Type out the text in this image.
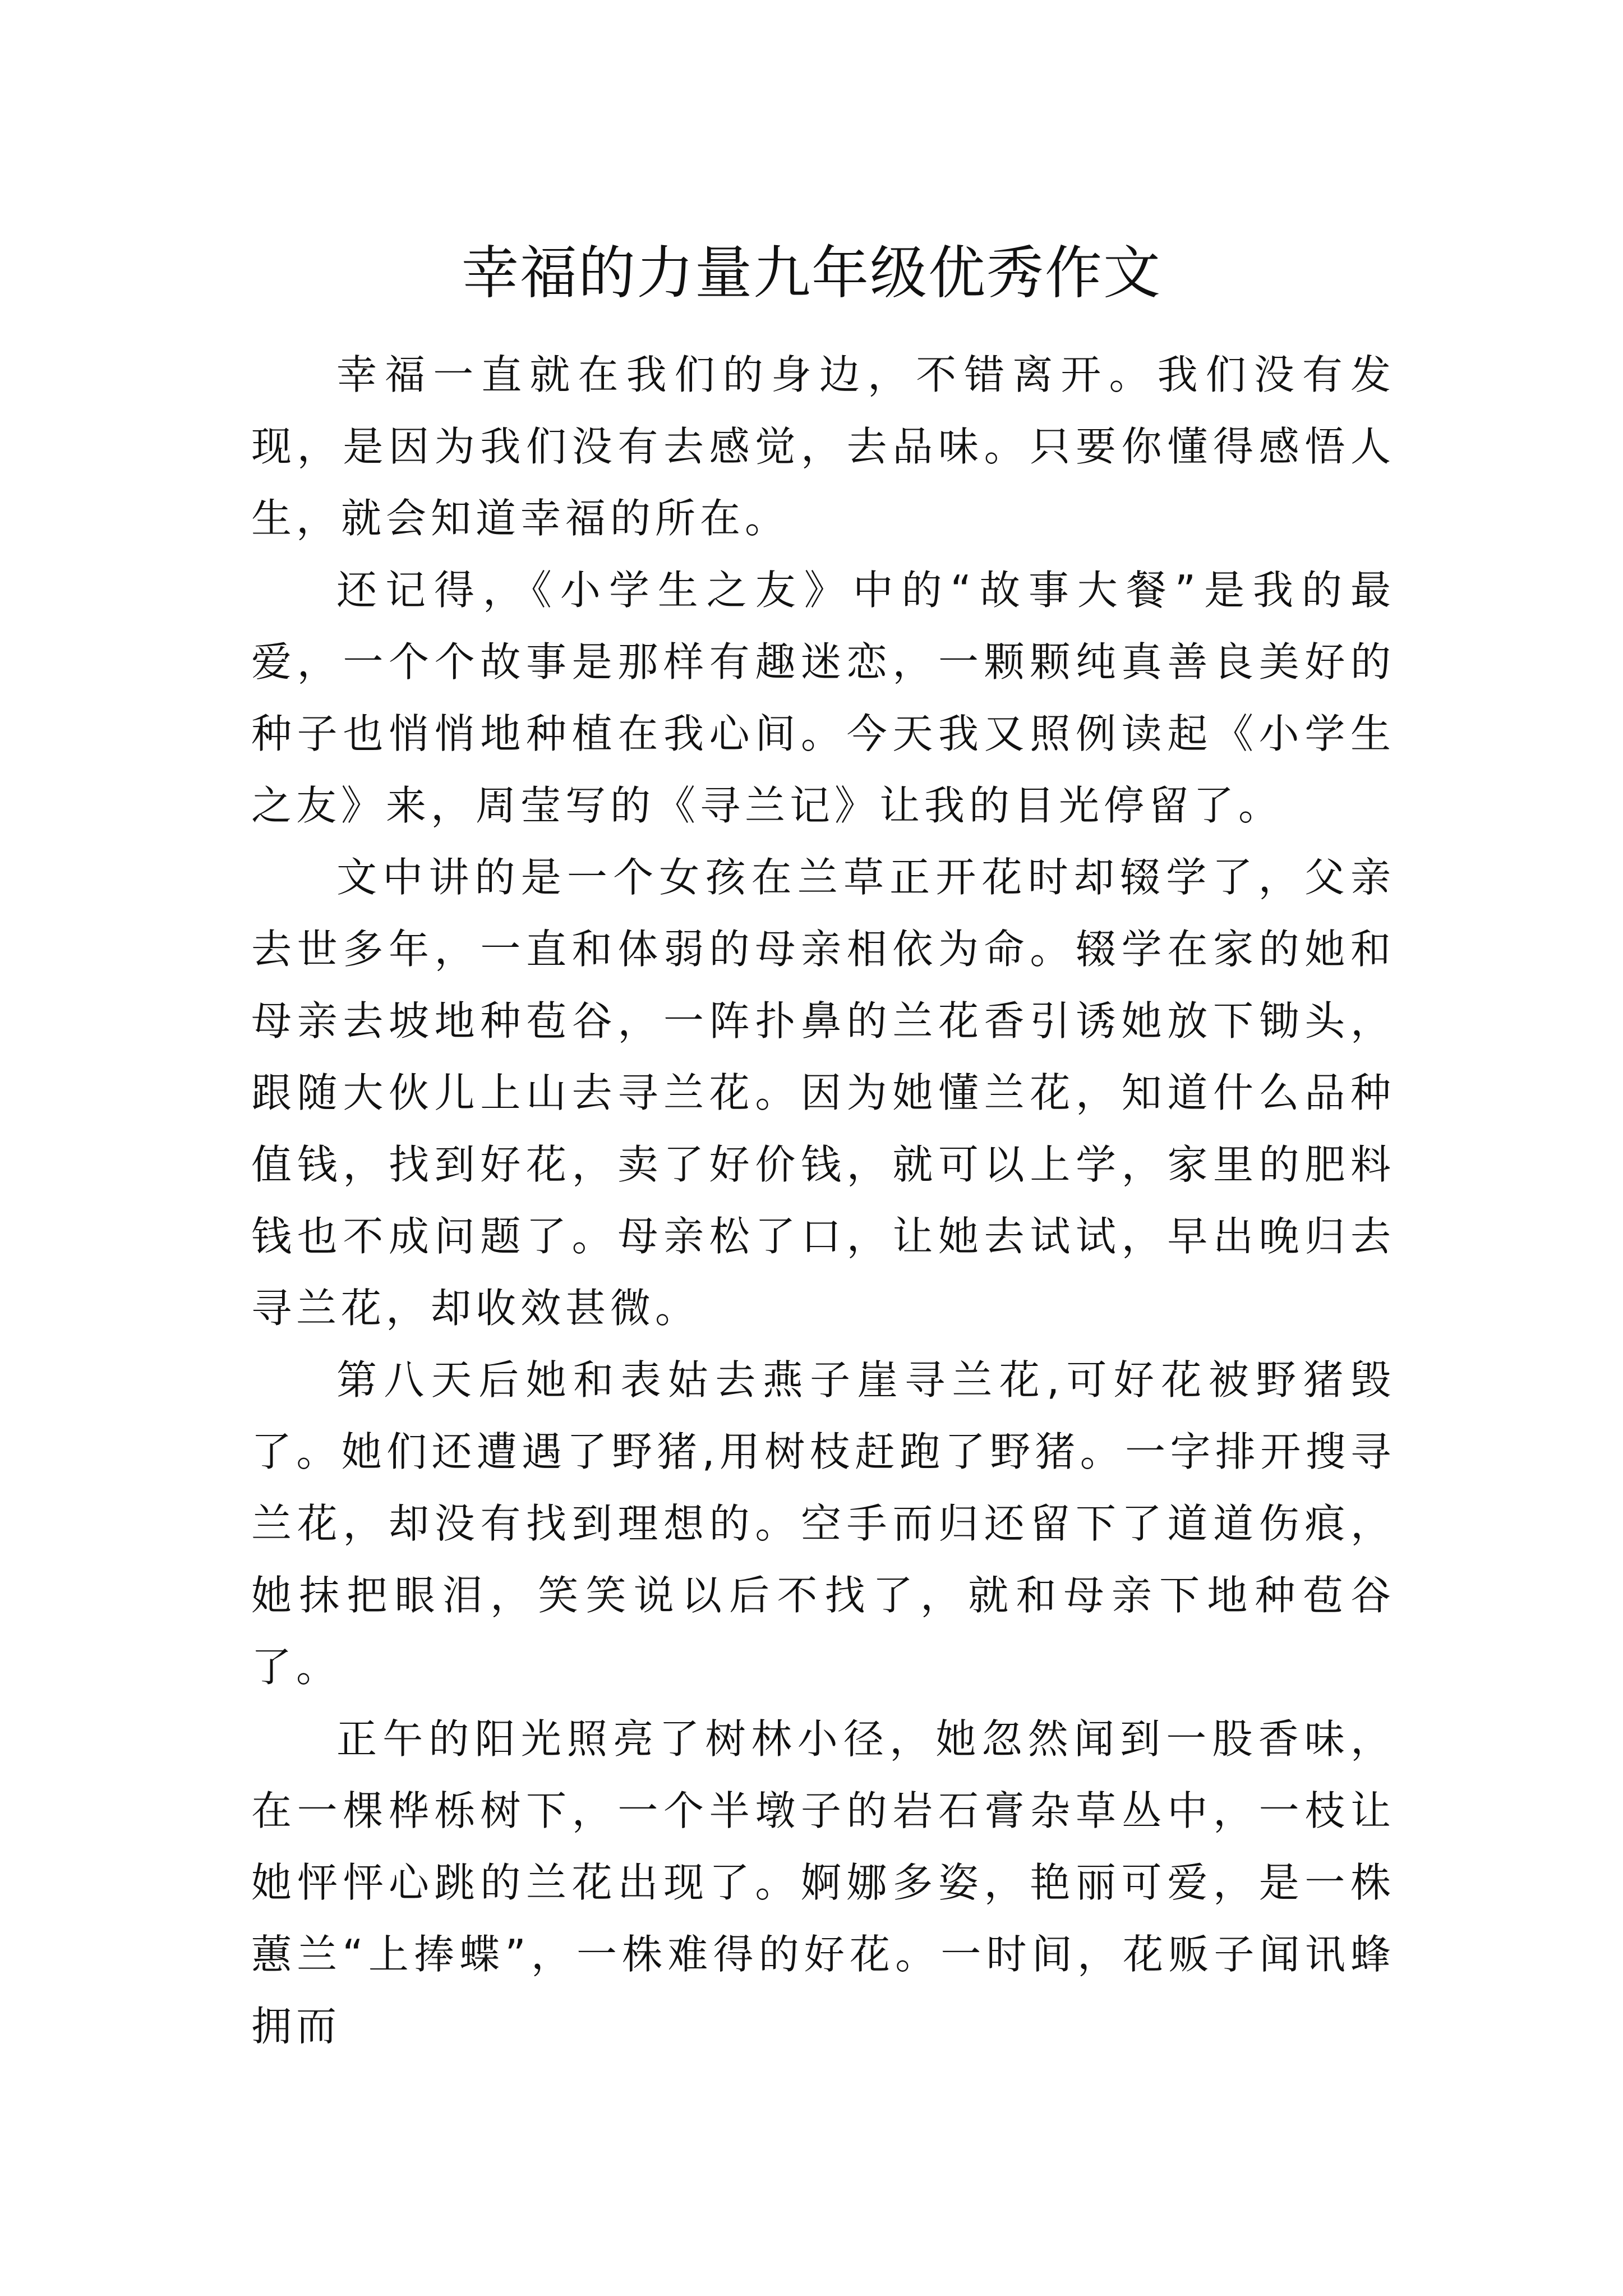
幸福的力量九年级优秀作文

幸福一直就在我们的身边，不错离开。我们没有发现，是因为我们没有去感觉，去品味。只要你懂得感悟人生，就会知道幸福的所在。

还记得，《小学生之友》中的“故事大餐”是我的最爱，一个个故事是那样有趣迷恋，一颗颗纯真善良美好的种子也悄悄地种植在我心间。今天我又照例读起《小学生之友》来，周莹写的《寻兰记》让我的目光停留了。

文中讲的是一个女孩在兰草正开花时却辍学了，父亲去世多年，一直和体弱的母亲相依为命。辍学在家的她和母亲去坡地种苞谷，一阵扑鼻的兰花香引诱她放下锄头，跟随大伙儿上山去寻兰花。因为她懂兰花，知道什么品种值钱，找到好花，卖了好价钱，就可以上学，家里的肥料钱也不成问题了。母亲松了口，让她去试试，早出晚归去寻兰花，却收效甚微。

第八天后她和表姑去燕子崖寻兰花,可好花被野猪毁了。她们还遭遇了野猪,用树枝赶跑了野猪。一字排开搜寻兰花，却没有找到理想的。空手而归还留下了道道伤痕，她抹把眼泪，笑笑说以后不找了，就和母亲下地种苞谷了。

正午的阳光照亮了树林小径，她忽然闻到一股香味，在一棵桦栎树下，一个半墩子的岩石膏杂草丛中，一枝让她怦怦心跳的兰花出现了。婀娜多姿，艳丽可爱，是一株蕙兰“上捧蝶”，一株难得的好花。一时间，花贩子闻讯蜂拥而
